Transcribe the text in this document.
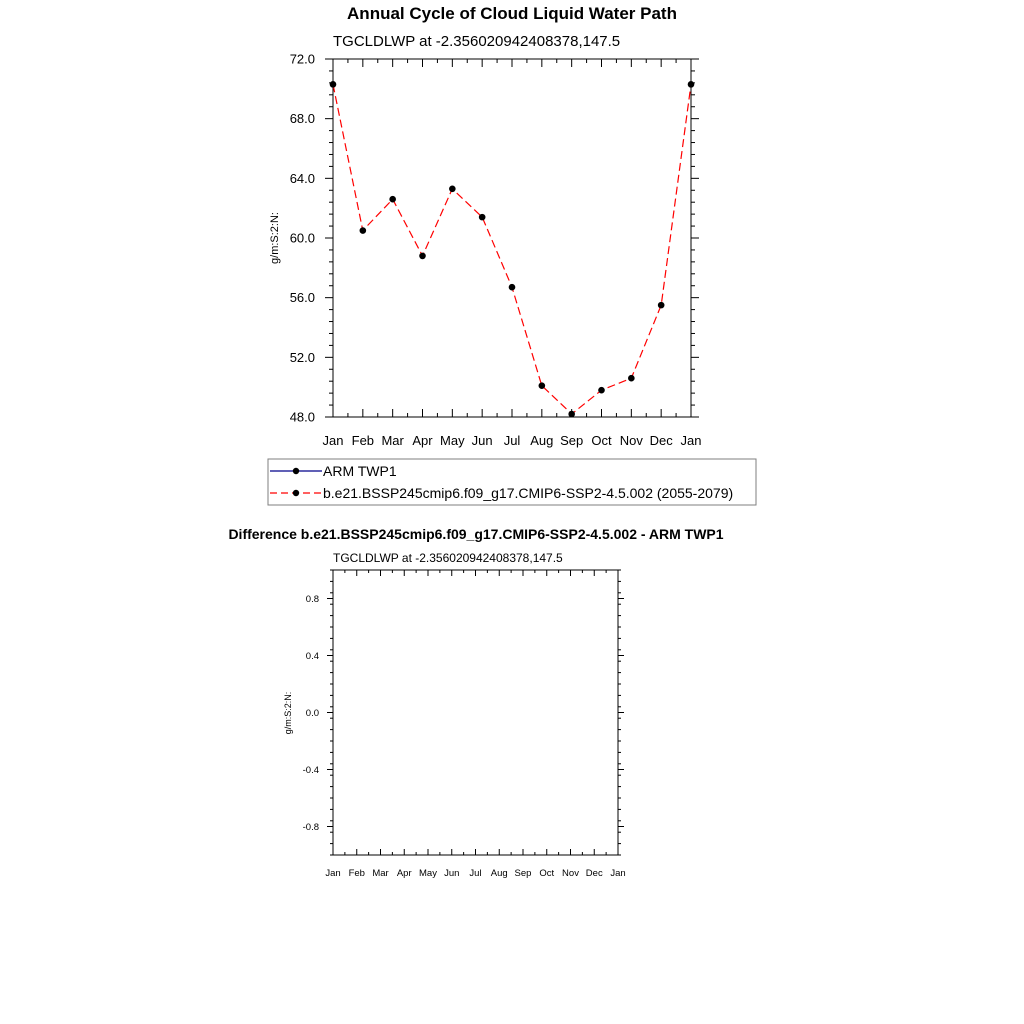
Annual Cycle of Cloud Liquid Water Path
TGCLDLWP at -2.356020942408378,147.5
Jan Feb Mar Apr May Jun Jul Aug Sep Oct Nov Dec Jan
48.0
52.0
56.0
60.0
64.0
68.0
72.0
g/m:S:2:N:
ARM TWP1
b.e21.BSSP245cmip6.f09_g17.CMIP6-SSP2-4.5.002 (2055-2079)
Difference b.e21.BSSP245cmip6.f09_g17.CMIP6-SSP2-4.5.002 - ARM TWP1
TGCLDLWP at -2.356020942408378,147.5
Jan Feb Mar Apr May Jun Jul Aug Sep Oct Nov Dec Jan
-0.8
-0.4
0.0
0.4
0.8
g/m:S:2:N:
